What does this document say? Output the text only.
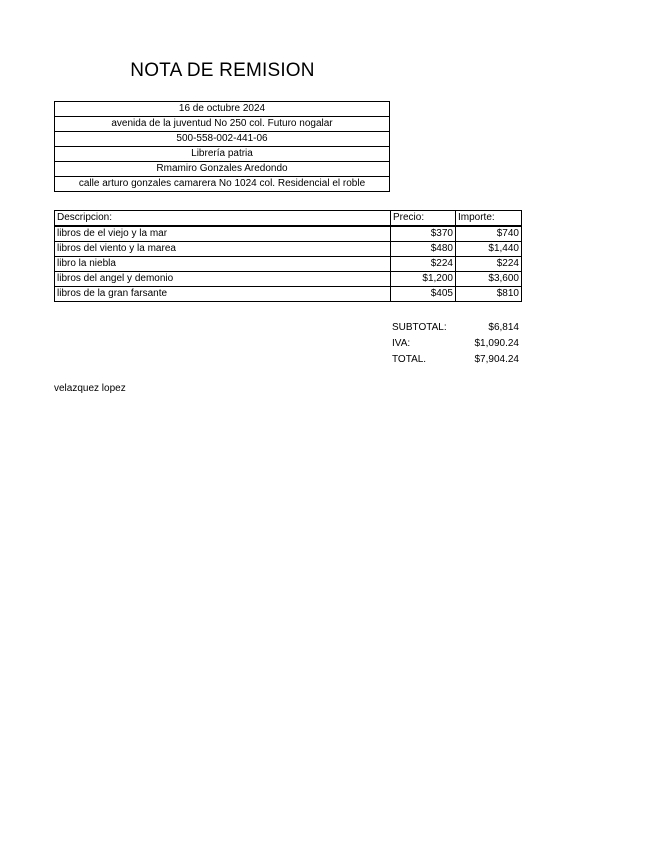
NOTA DE REMISION
16 de octubre 2024
avenida de la juventud No 250 col. Futuro nogalar
500-558-002-441-06
Librería patria
Rmamiro Gonzales Aredondo
calle arturo gonzales camarera No 1024 col. Residencial el roble
Descripcion:	Precio:	Importe:
libros de el viejo y la mar	$370	$740
libros del viento y la marea	$480	$1,440
libro la niebla	$224	$224
libros del angel y demonio	$1,200	$3,600
libros de la gran farsante	$405	$810
SUBTOTAL:	$6,814
IVA:	$1,090.24
TOTAL.	$7,904.24
velazquez lopez
